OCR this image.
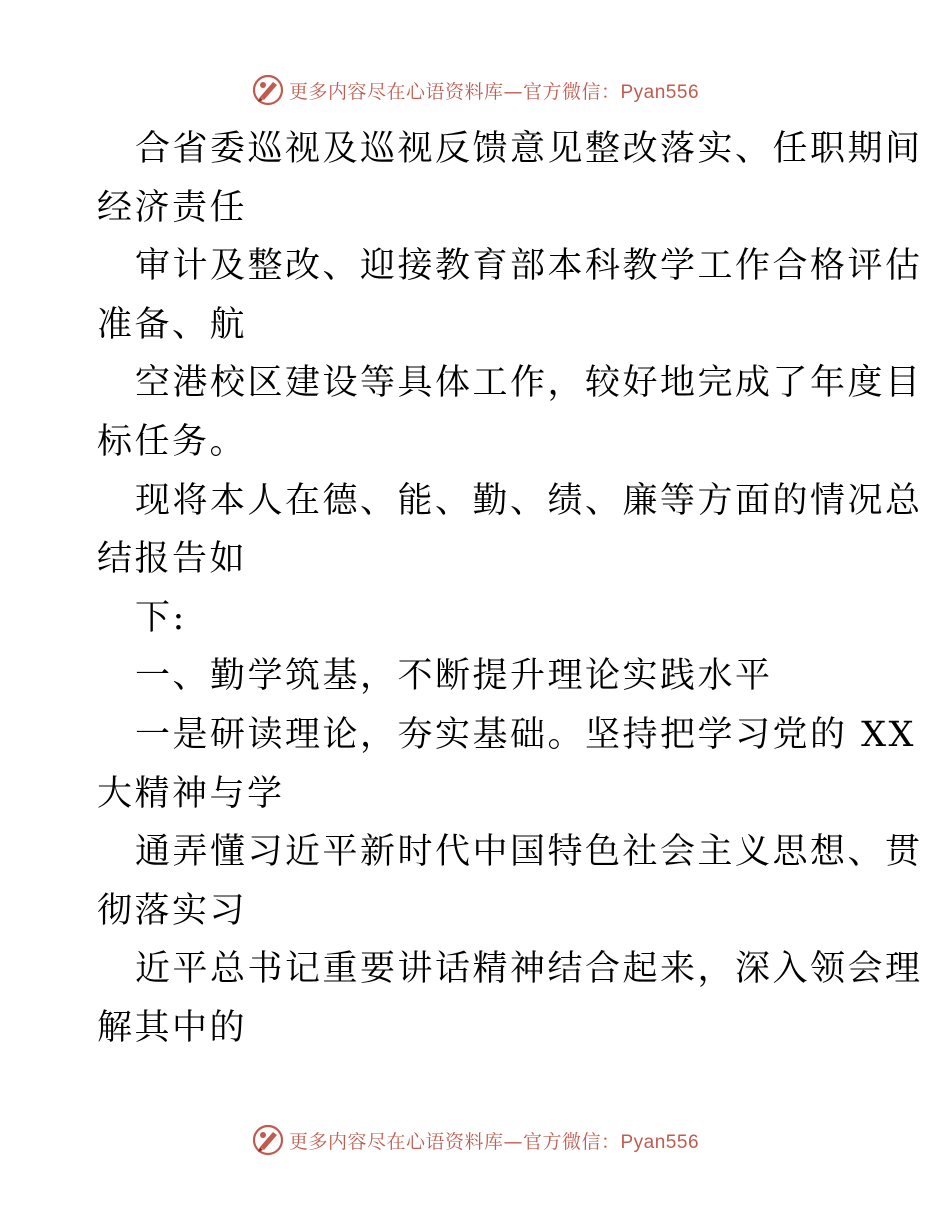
更多内容尽在心语资料库—官方微信：Pyan556
合省委巡视及巡视反馈意见整改落实、任职期间
经济责任
审计及整改、迎接教育部本科教学工作合格评估
准备、航
空港校区建设等具体工作，较好地完成了年度目
标任务。
现将本人在德、能、勤、绩、廉等方面的情况总
结报告如
下:
一、勤学筑基，不断提升理论实践水平
一是研读理论，夯实基础。坚持把学习党的 XX
大精神与学
通弄懂习近平新时代中国特色社会主义思想、贯
彻落实习
近平总书记重要讲话精神结合起来，深入领会理
解其中的
更多内容尽在心语资料库—官方微信：Pyan556
